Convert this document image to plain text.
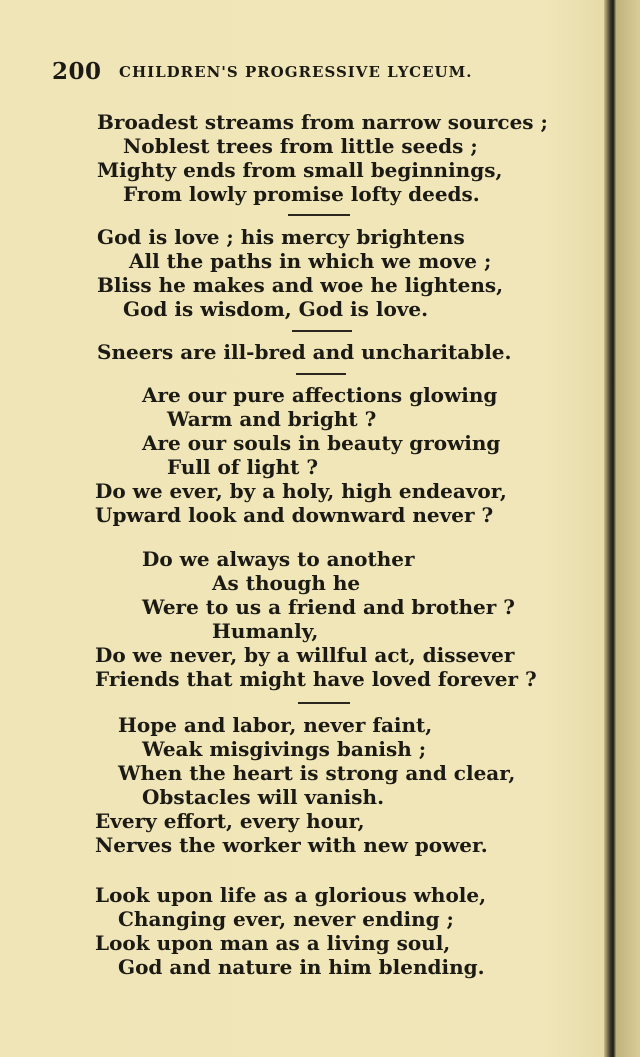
200 CHILDREN'S PROGRESSIVE LYCEUM.
Broadest streams from narrow sources ;
Noblest trees from little seeds ;
Mighty ends from small beginnings,
From lowly promise lofty deeds.
God is love ; his mercy brightens
All the paths in which we move ;
Bliss he makes and woe he lightens,
God is wisdom, God is love.
Sneers are ill-bred and uncharitable.
Are our pure affections glowing
Warm and bright ?
Are our souls in beauty growing
Full of light ?
Do we ever, by a holy, high endeavor,
Upward look and downward never ?
Do we always to another
As though he
Were to us a friend and brother ?
Humanly,
Do we never, by a willful act, dissever
Friends that might have loved forever ?
Hope and labor, never faint,
Weak misgivings banish ;
When the heart is strong and clear,
Obstacles will vanish.
Every effort, every hour,
Nerves the worker with new power.
Look upon life as a glorious whole,
Changing ever, never ending ;
Look upon man as a living soul,
God and nature in him blending.
